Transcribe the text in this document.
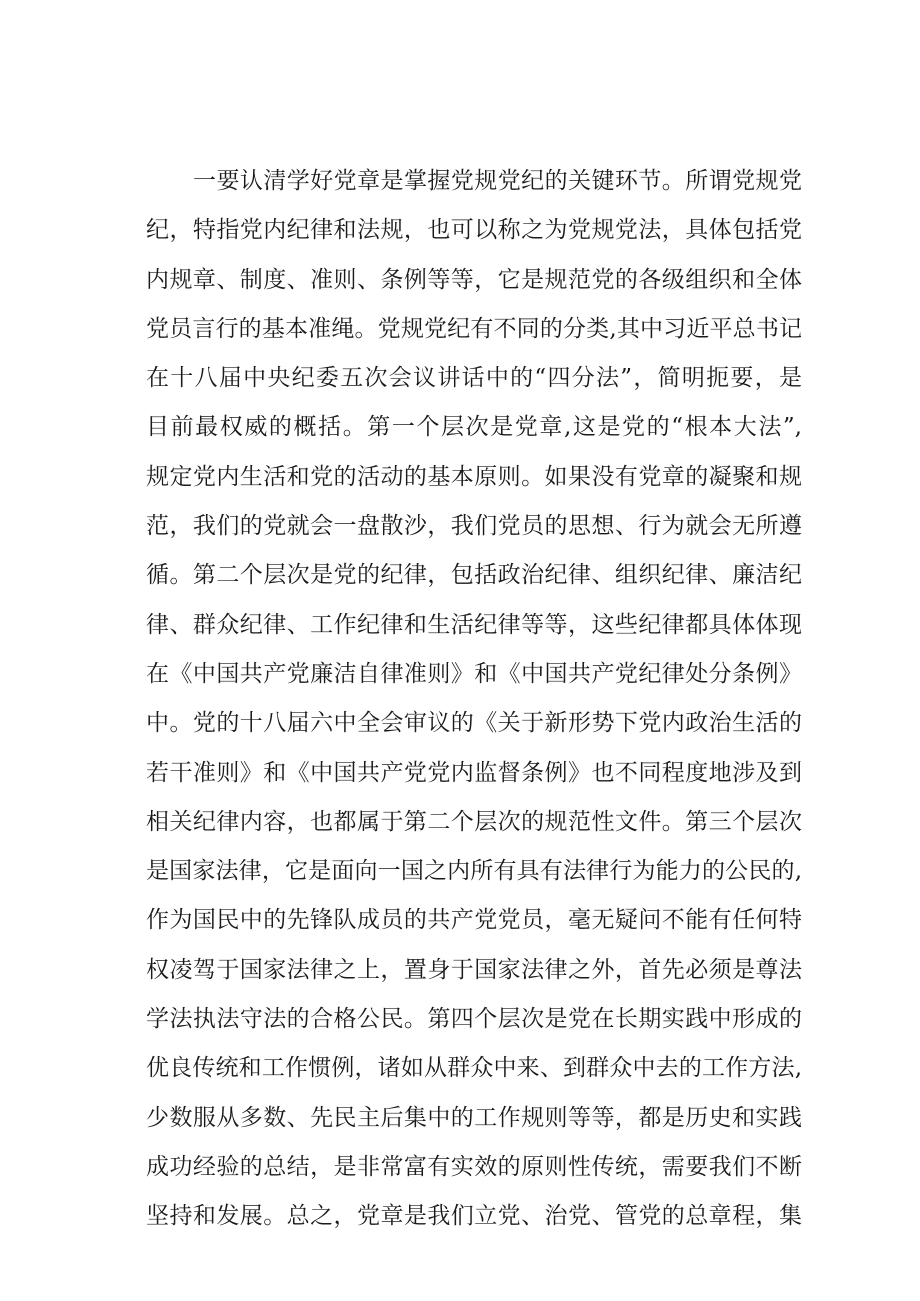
一要认清学好党章是掌握党规党纪的关键环节。所谓党规党
纪，特指党内纪律和法规，也可以称之为党规党法，具体包括党
内规章、制度、准则、条例等等，它是规范党的各级组织和全体
党员言行的基本准绳。党规党纪有不同的分类,其中习近平总书记
在十八届中央纪委五次会议讲话中的“四分法”，简明扼要，是
目前最权威的概括。第一个层次是党章,这是党的“根本大法”,
规定党内生活和党的活动的基本原则。如果没有党章的凝聚和规
范，我们的党就会一盘散沙，我们党员的思想、行为就会无所遵
循。第二个层次是党的纪律，包括政治纪律、组织纪律、廉洁纪
律、群众纪律、工作纪律和生活纪律等等，这些纪律都具体体现
在《中国共产党廉洁自律准则》和《中国共产党纪律处分条例》
中。党的十八届六中全会审议的《关于新形势下党内政治生活的
若干准则》和《中国共产党党内监督条例》也不同程度地涉及到
相关纪律内容，也都属于第二个层次的规范性文件。第三个层次
是国家法律，它是面向一国之内所有具有法律行为能力的公民的,
作为国民中的先锋队成员的共产党党员，毫无疑问不能有任何特
权凌驾于国家法律之上，置身于国家法律之外，首先必须是尊法
学法执法守法的合格公民。第四个层次是党在长期实践中形成的
优良传统和工作惯例，诸如从群众中来、到群众中去的工作方法,
少数服从多数、先民主后集中的工作规则等等，都是历史和实践
成功经验的总结，是非常富有实效的原则性传统，需要我们不断
坚持和发展。总之，党章是我们立党、治党、管党的总章程，集
